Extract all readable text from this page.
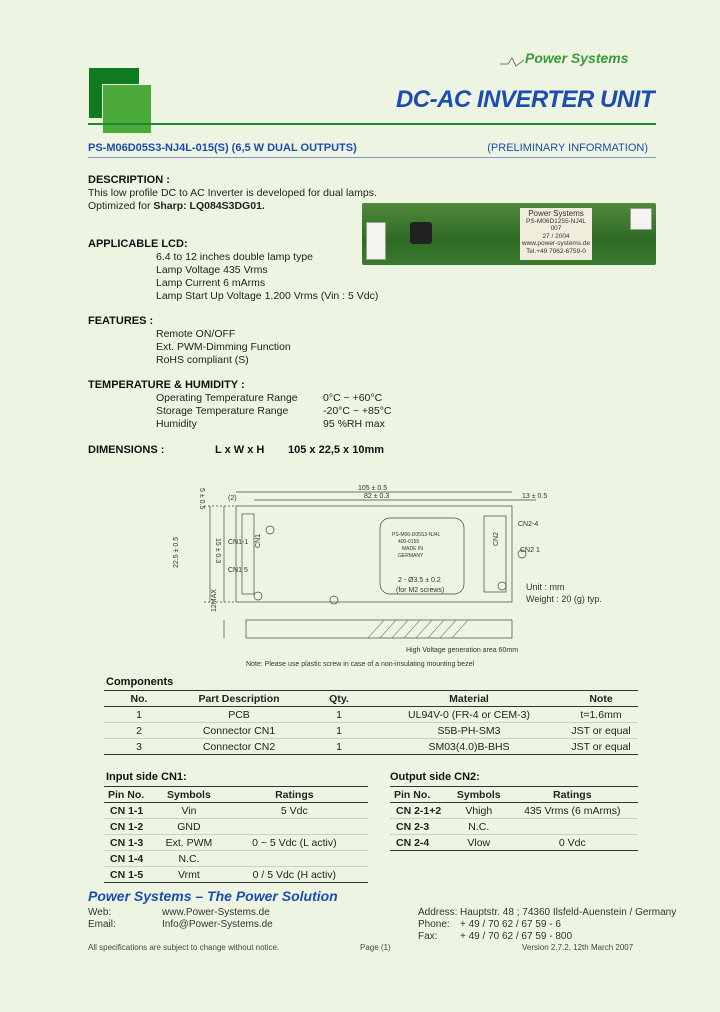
Power Systems
DC-AC INVERTER UNIT
PS-M06D05S3-NJ4L-015(S) (6,5 W DUAL OUTPUTS)	(PRELIMINARY INFORMATION)
DESCRIPTION :
This low profile DC to AC Inverter is developed for dual lamps.
Optimized for Sharp: LQ084S3DG01.
Power Systems
PS-M06D1255-NJ4L
007
27 / 2004
www.power-systems.de
Tel.+49 7062-6759-0
APPLICABLE LCD:
6.4 to 12 inches double lamp type
Lamp Voltage 435 Vrms
Lamp Current 6 mArms
Lamp Start Up Voltage 1.200 Vrms (Vin : 5 Vdc)
FEATURES :
Remote ON/OFF
Ext. PWM-Dimming Function
RoHS compliant (S)
TEMPERATURE & HUMIDITY :
Operating Temperature Range	0°C ~ +60°C
Storage Temperature Range	-20°C ~ +85°C
Humidity	95 %RH max
DIMENSIONS :	L x W x H 105 x 22,5 x 10mm
105 ± 0.5
82 ± 0.3	13 ± 0.5
(2)
5 ± 0.5
22.5 ± 0.5	15 ± 0.3
12MAX
CN1-1
CN1 5
CN1	CN2
CN2-4
CN2 1
2 - Ø3.5 ± 0.2
(for M2 screws)	Unit : mm
Weight : 20 (g) typ.
High Voltage generation area 60mm
Note: Please use plastic screw in case of a non-insulating mounting bezel
PS-M06-D05S3-NJ4L
400-0155
MADE IN
GERMANY
Components
No.	Part Description	Qty.	Material	Note
1	PCB	1	UL94V-0 (FR-4 or CEM-3)	t=1.6mm
2	Connector CN1	1	S5B-PH-SM3	JST or equal
3	Connector CN2	1	SM03(4.0)B-BHS	JST or equal
Input side CN1:
Pin No.	Symbols	Ratings
CN 1-1	Vin	5 Vdc
CN 1-2	GND	
CN 1-3	Ext. PWM	0 ~ 5 Vdc (L activ)
CN 1-4	N.C.	
CN 1-5	Vrmt	0 / 5 Vdc (H activ)
Output side CN2:
Pin No.	Symbols	Ratings
CN 2-1+2	Vhigh	435 Vrms (6 mArms)
CN 2-3	N.C.	
CN 2-4	Vlow	0 Vdc
Power Systems – The Power Solution
Web:	www.Power-Systems.de
Email:	Info@Power-Systems.de
Address: Hauptstr. 48 ; 74360 Ilsfeld-Auenstein / Germany
Phone: + 49 / 70 62 / 67 59 - 6
Fax: + 49 / 70 62 / 67 59 - 800
All specifications are subject to change without notice.	Page (1)	Version 2.7.2, 12th March 2007
